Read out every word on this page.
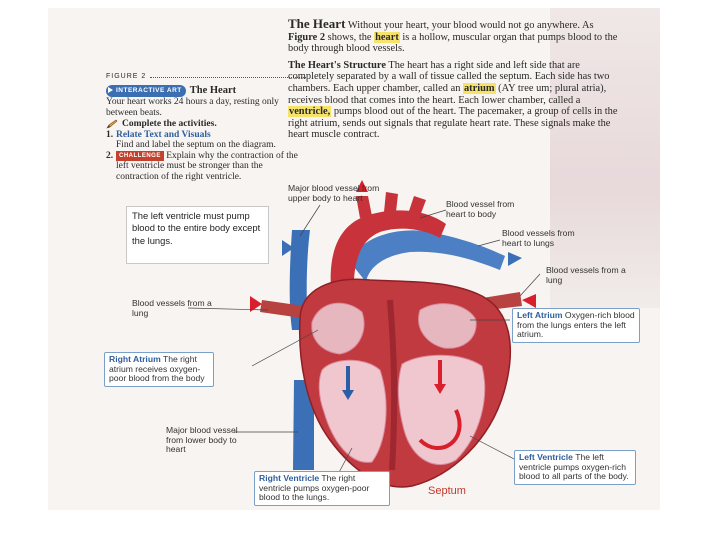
FIGURE 2
INTERACTIVE ART The Heart
Your heart works 24 hours a day, resting only between beats.
Complete the activities.
1. Relate Text and Visuals
Find and label the septum on the diagram.
2. CHALLENGE Explain why the contraction of the left ventricle must be stronger than the contraction of the right ventricle.

The Heart Without your heart, your blood would not go anywhere. As Figure 2 shows, the heart is a hollow, muscular organ that pumps blood to the body through blood vessels.

The Heart's Structure The heart has a right side and left side that are completely separated by a wall of tissue called the septum. Each side has two chambers. Each upper chamber, called an atrium (AY tree um; plural atria), receives blood that comes into the heart. Each lower chamber, called a ventricle, pumps blood out of the heart. The pacemaker, a group of cells in the right atrium, sends out signals that regulate heart rate. These signals make the heart muscle contract.

Major blood vessel from upper body to heart
Blood vessel from heart to body
Blood vessels from heart to lungs
Blood vessels from a lung
Blood vessels from a lung
Left Atrium Oxygen-rich blood from the lungs enters the left atrium.
Right Atrium The right atrium receives oxygen-poor blood from the body
Major blood vessel from lower body to heart
Right Ventricle The right ventricle pumps oxygen-poor blood to the lungs.
Left Ventricle The left ventricle pumps oxygen-rich blood to all parts of the body.
Septum
The left ventricle must pump blood to the entire body except the lungs.
